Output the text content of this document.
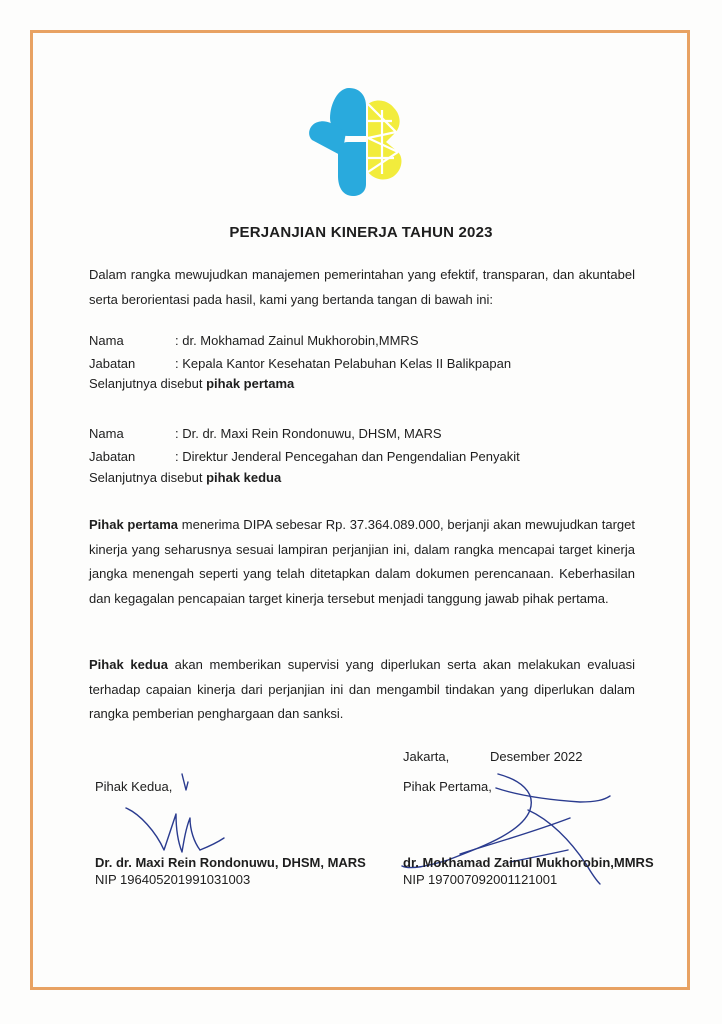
PERJANJIAN KINERJA TAHUN 2023

Dalam rangka mewujudkan manajemen pemerintahan yang efektif, transparan, dan akuntabel serta berorientasi pada hasil, kami yang bertanda tangan di bawah ini:

Nama	: dr. Mokhamad Zainul Mukhorobin,MMRS
Jabatan	: Kepala Kantor Kesehatan Pelabuhan Kelas II Balikpapan
Selanjutnya disebut pihak pertama
Nama	: Dr. dr. Maxi Rein Rondonuwu, DHSM, MARS
Jabatan	: Direktur Jenderal Pencegahan dan Pengendalian Penyakit
Selanjutnya disebut pihak kedua

Pihak pertama menerima DIPA sebesar Rp. 37.364.089.000, berjanji akan mewujudkan target kinerja yang seharusnya sesuai lampiran perjanjian ini, dalam rangka mencapai target kinerja jangka menengah seperti yang telah ditetapkan dalam dokumen perencanaan. Keberhasilan dan kegagalan pencapaian target kinerja tersebut menjadi tanggung jawab pihak pertama.

Pihak kedua akan memberikan supervisi yang diperlukan serta akan melakukan evaluasi terhadap capaian kinerja dari perjanjian ini dan mengambil tindakan yang diperlukan dalam rangka pemberian penghargaan dan sanksi.

Jakarta,	Desember 2022
Pihak Kedua,	Pihak Pertama,
Dr. dr. Maxi Rein Rondonuwu, DHSM, MARS
NIP 196405201991031003
dr. Mokhamad Zainul Mukhorobin,MMRS
NIP 197007092001121001
